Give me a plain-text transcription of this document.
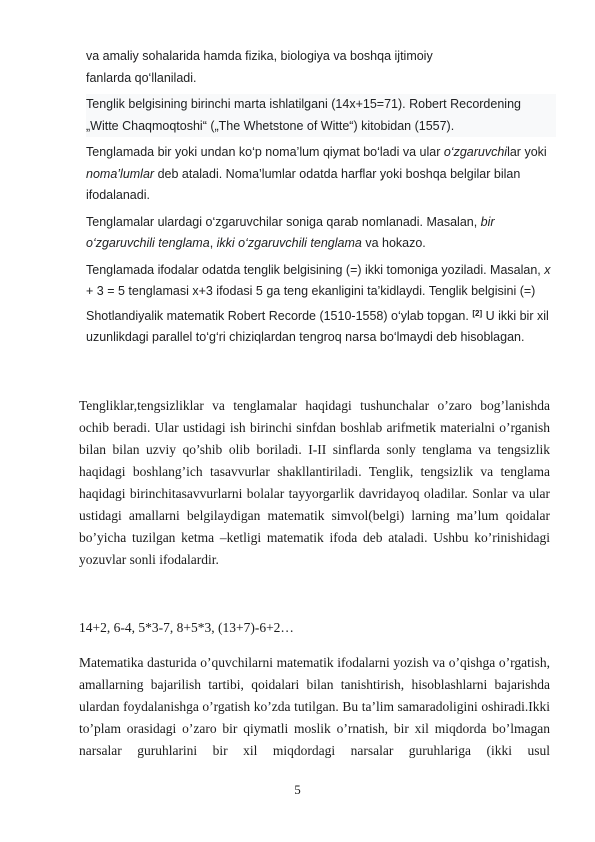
va amaliy sohalarida hamda fizika, biologiya va boshqa ijtimoiy fanlarda qo‘llaniladi.
Tenglik belgisining birinchi marta ishlatilgani (14x+15=71). Robert Recordening „Witte Chaqmoqtoshi“ („The Whetstone of Witte“) kitobidan (1557).
Tenglamada bir yoki undan ko‘p noma’lum qiymat bo‘ladi va ular o‘zgaruvchilar yoki noma’lumlar deb ataladi. Noma’lumlar odatda harflar yoki boshqa belgilar bilan ifodalanadi.
Tenglamalar ulardagi o‘zgaruvchilar soniga qarab nomlanadi. Masalan, bir o‘zgaruvchili tenglama, ikki o‘zgaruvchili tenglama va hokazo.
Tenglamada ifodalar odatda tenglik belgisining (=) ikki tomoniga yoziladi. Masalan, x + 3 = 5 tenglamasi x+3 ifodasi 5 ga teng ekanligini ta’kidlaydi. Tenglik belgisini (=) Shotlandiyalik matematik Robert Recorde (1510-1558) o‘ylab topgan. [2] U ikki bir xil uzunlikdagi parallel to‘g‘ri chiziqlardan tengroq narsa bo‘lmaydi deb hisoblagan.
Tengliklar,tengsizliklar va tenglamalar haqidagi tushunchalar o’zaro bog’lanishda ochib beradi. Ular ustidagi ish birinchi sinfdan boshlab arifmetik materialni o’rganish bilan bilan uzviy qo’shib olib boriladi. I-II sinflarda sonly tenglama va tengsizlik haqidagi boshlang’ich tasavvurlar shakllantiriladi. Tenglik, tengsizlik va tenglama haqidagi birinchitasavvurlarni bolalar tayyorgarlik davridayoq oladilar. Sonlar va ular ustidagi amallarni belgilaydigan matematik simvol(belgi) larning ma’lum qoidalar bo’yicha tuzilgan ketma –ketligi matematik ifoda deb ataladi. Ushbu ko’rinishidagi yozuvlar sonli ifodalardir.
14+2, 6-4, 5*3-7, 8+5*3, (13+7)-6+2…
Matematika dasturida o’quvchilarni matematik ifodalarni yozish va o’qishga o’rgatish, amallarning bajarilish tartibi, qoidalari bilan tanishtirish, hisoblashlarni bajarishda ulardan foydalanishga o’rgatish ko’zda tutilgan. Bu ta’lim samaradoligini oshiradi.Ikki to’plam orasidagi o’zaro bir qiymatli moslik o’rnatish, bir xil miqdorda bo’lmagan narsalar guruhlarini bir xil miqdordagi narsalar guruhlariga (ikki usul
5
